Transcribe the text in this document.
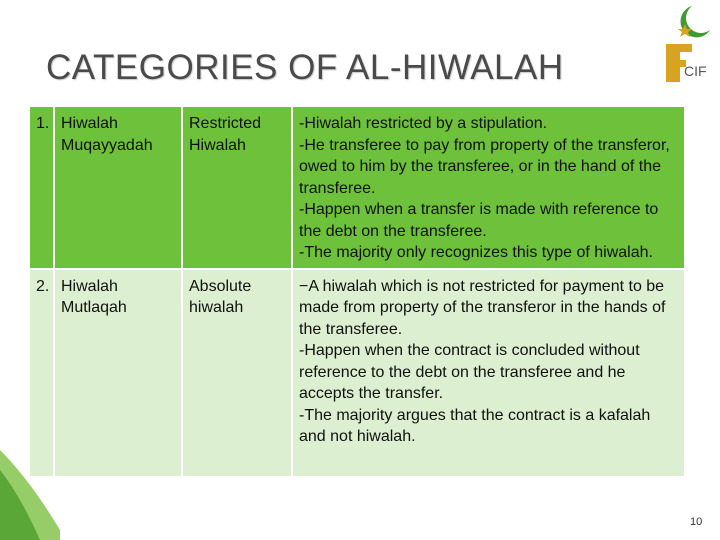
CATEGORIES OF AL-HIWALAH	CIF
1.	Hiwalah Muqayyadah	Restricted Hiwalah	-Hiwalah restricted by a stipulation.
-He transferee to pay from property of the transferor, owed to him by the transferee, or in the hand of the transferee.
-Happen when a transfer is made with reference to the debt on the transferee.
-The majority only recognizes this type of hiwalah.

2.	Hiwalah Mutlaqah	Absolute hiwalah	−A hiwalah which is not restricted for payment to be made from property of the transferor in the hands of the transferee.
-Happen when the contract is concluded without reference to the debt on the transferee and he accepts the transfer.
-The majority argues that the contract is a kafalah and not hiwalah.
10
